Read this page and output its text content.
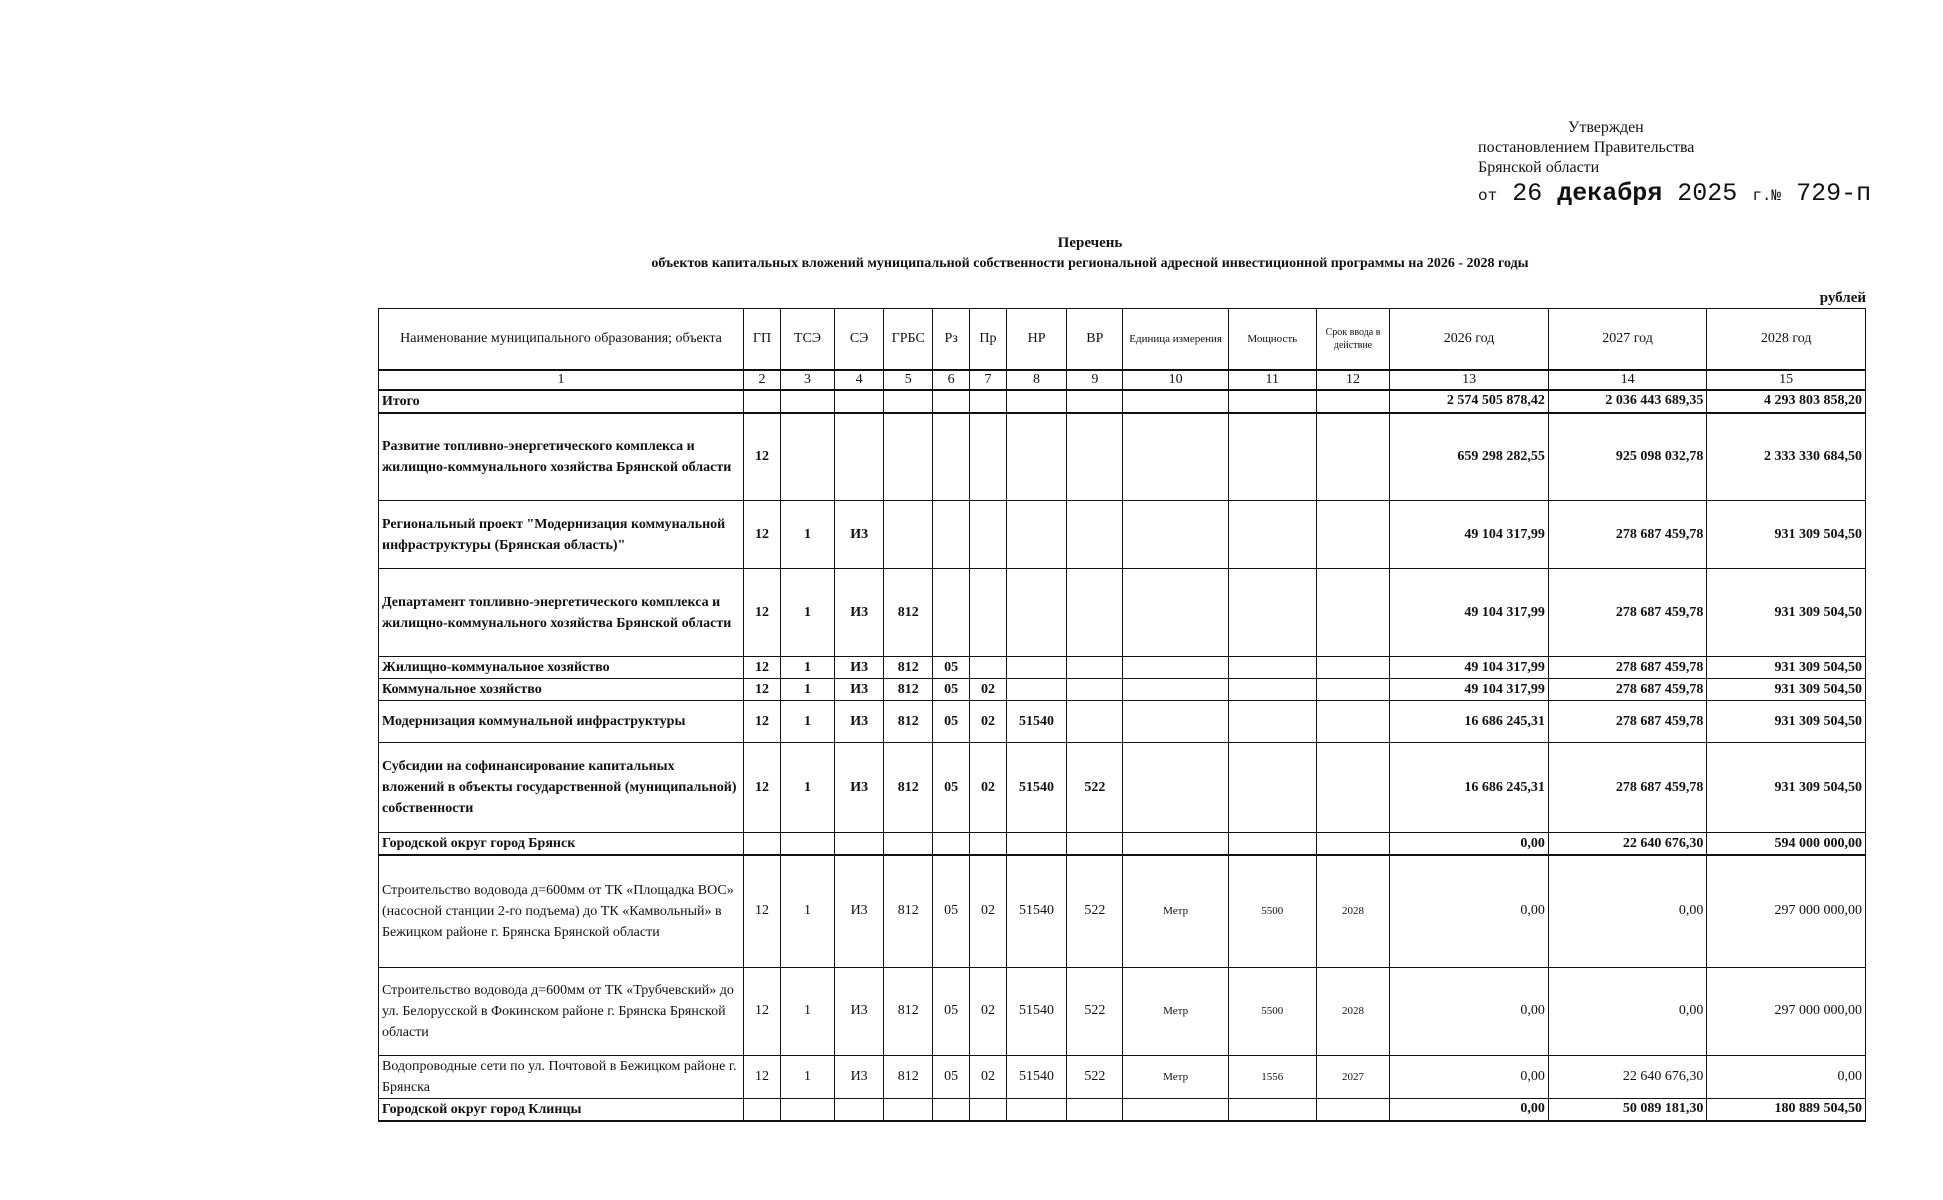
Утвержден
постановлением Правительства
Брянской области
от 26 декабря 2025 г.№ 729-п
Перечень
объектов капитальных вложений муниципальной собственности региональной адресной инвестиционной программы на 2026 - 2028 годы
рублей
Наименование муниципального образования; объекта	ГП	ТСЭ	СЭ	ГРБС	Рз	Пр	НР	ВР	Единица измерения	Мощность	Срок ввода в действие	2026 год	2027 год	2028 год
1	2	3	4	5	6	7	8	9	10	11	12	13	14	15
Итого												2 574 505 878,42	2 036 443 689,35	4 293 803 858,20
Развитие топливно-энергетического комплекса и жилищно-коммунального хозяйства Брянской области	12											659 298 282,55	925 098 032,78	2 333 330 684,50
Региональный проект "Модернизация коммунальной инфраструктуры (Брянская область)"	12	1	И3									49 104 317,99	278 687 459,78	931 309 504,50
Департамент топливно-энергетического комплекса и жилищно-коммунального хозяйства Брянской области	12	1	И3	812								49 104 317,99	278 687 459,78	931 309 504,50
Жилищно-коммунальное хозяйство	12	1	И3	812	05							49 104 317,99	278 687 459,78	931 309 504,50
Коммунальное хозяйство	12	1	И3	812	05	02						49 104 317,99	278 687 459,78	931 309 504,50
Модернизация коммунальной инфраструктуры	12	1	И3	812	05	02	51540					16 686 245,31	278 687 459,78	931 309 504,50
Субсидии на софинансирование капитальных вложений в объекты государственной (муниципальной) собственности	12	1	И3	812	05	02	51540	522				16 686 245,31	278 687 459,78	931 309 504,50
Городской округ город Брянск												0,00	22 640 676,30	594 000 000,00
Строительство водовода д=600мм от ТК «Площадка ВОС» (насосной станции 2-го подъема) до ТК «Камвольный» в Бежицком районе г. Брянска Брянской области	12	1	И3	812	05	02	51540	522	Метр	5500	2028	0,00	0,00	297 000 000,00
Строительство водовода д=600мм от ТК «Трубчевский» до ул. Белорусской в Фокинском районе г. Брянска Брянской области	12	1	И3	812	05	02	51540	522	Метр	5500	2028	0,00	0,00	297 000 000,00
Водопроводные сети по ул. Почтовой в Бежицком районе г. Брянска	12	1	И3	812	05	02	51540	522	Метр	1556	2027	0,00	22 640 676,30	0,00
Городской округ город Клинцы												0,00	50 089 181,30	180 889 504,50
